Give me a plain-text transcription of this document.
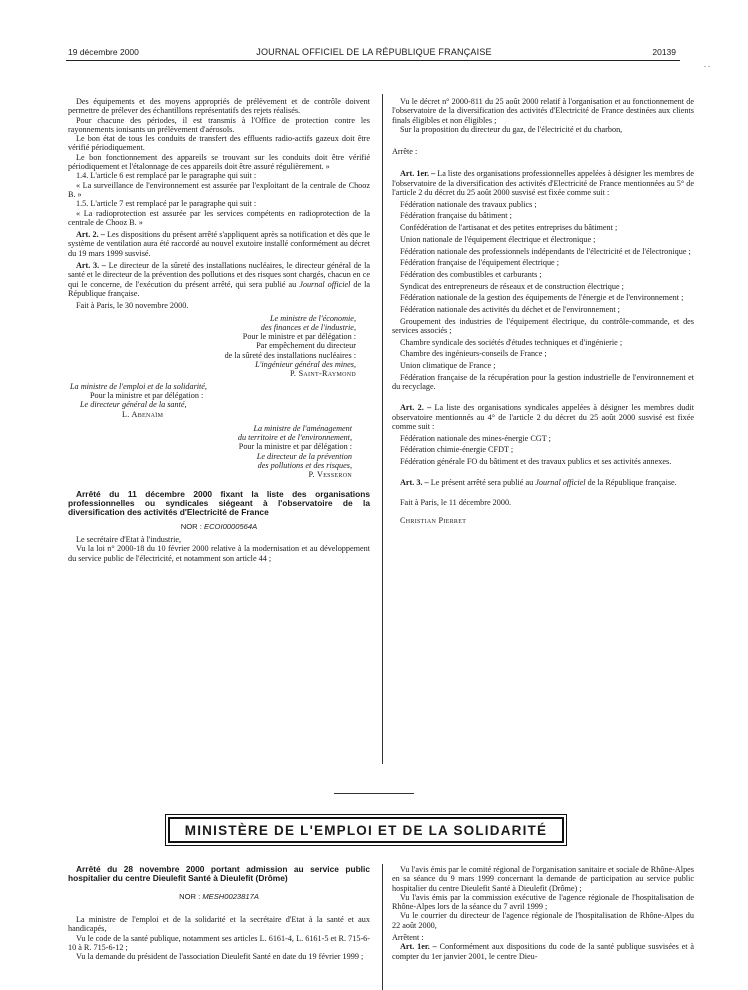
19 décembre 2000	JOURNAL OFFICIEL DE LA RÉPUBLIQUE FRANÇAISE	20139
. .

Des équipements et des moyens appropriés de prélèvement et de contrôle doivent permettre de prélever des échantillons représentatifs des rejets réalisés.

Pour chacune des périodes, il est transmis à l'Office de protection contre les rayonnements ionisants un prélèvement d'aérosols.

Le bon état de tous les conduits de transfert des effluents radio-actifs gazeux doit être vérifié périodiquement.

Le bon fonctionnement des appareils se trouvant sur les conduits doit être vérifié périodiquement et l'étalonnage de ces appareils doit être assuré régulièrement. »

1.4. L'article 6 est remplacé par le paragraphe qui suit :

« La surveillance de l'environnement est assurée par l'exploitant de la centrale de Chooz B. »

1.5. L'article 7 est remplacé par le paragraphe qui suit :

« La radioprotection est assurée par les services compétents en radioprotection de la centrale de Chooz B. »

Art. 2. – Les dispositions du présent arrêté s'appliquent après sa notification et dès que le système de ventilation aura été raccordé au nouvel exutoire installé conformément au décret du 19 mars 1999 susvisé.

Art. 3. – Le directeur de la sûreté des installations nucléaires, le directeur général de la santé et le directeur de la prévention des pollutions et des risques sont chargés, chacun en ce qui le concerne, de l'exécution du présent arrêté, qui sera publié au Journal officiel de la République française.

Fait à Paris, le 30 novembre 2000.

Le ministre de l'économie,
des finances et de l'industrie,
Pour le ministre et par délégation :
Par empêchement du directeur
de la sûreté des installations nucléaires :
L'ingénieur général des mines,
P. Saint-Raymond
La ministre de l'emploi et de la solidarité,
Pour la ministre et par délégation :
Le directeur général de la santé,
L. Abenaïm
La ministre de l'aménagement
du territoire et de l'environnement,
Pour la ministre et par délégation :
Le directeur de la prévention
des pollutions et des risques,
P. Vesseron

Arrêté du 11 décembre 2000 fixant la liste des organisations professionnelles ou syndicales siégeant à l'observatoire de la diversification des activités d'Electricité de France

NOR : ECOI0000564A

Le secrétaire d'Etat à l'industrie,

Vu la loi n° 2000-18 du 10 février 2000 relative à la modernisation et au développement du service public de l'électricité, et notamment son article 44 ;

Vu le décret n° 2000-811 du 25 août 2000 relatif à l'organisation et au fonctionnement de l'observatoire de la diversification des activités d'Electricité de France destinées aux clients finals éligibles et non éligibles ;

Sur la proposition du directeur du gaz, de l'électricité et du charbon,

Arrête :

Art. 1er. – La liste des organisations professionnelles appelées à désigner les membres de l'observatoire de la diversification des activités d'Electricité de France mentionnées au 5° de l'article 2 du décret du 25 août 2000 susvisé est fixée comme suit :

Fédération nationale des travaux publics ;

Fédération française du bâtiment ;

Confédération de l'artisanat et des petites entreprises du bâtiment ;

Union nationale de l'équipement électrique et électronique ;

Fédération nationale des professionnels indépendants de l'électricité et de l'électronique ;

Fédération française de l'équipement électrique ;

Fédération des combustibles et carburants ;

Syndicat des entrepreneurs de réseaux et de construction électrique ;

Fédération nationale de la gestion des équipements de l'énergie et de l'environnement ;

Fédération nationale des activités du déchet et de l'environnement ;

Groupement des industries de l'équipement électrique, du contrôle-commande, et des services associés ;

Chambre syndicale des sociétés d'études techniques et d'ingénierie ;

Chambre des ingénieurs-conseils de France ;

Union climatique de France ;

Fédération française de la récupération pour la gestion industrielle de l'environnement et du recyclage.

Art. 2. – La liste des organisations syndicales appelées à désigner les membres dudit observatoire mentionnés au 4° de l'article 2 du décret du 25 août 2000 susvisé est fixée comme suit :

Fédération nationale des mines-énergie CGT ;

Fédération chimie-énergie CFDT ;

Fédération générale FO du bâtiment et des travaux publics et ses activités annexes.

Art. 3. – Le présent arrêté sera publié au Journal officiel de la République française.

Fait à Paris, le 11 décembre 2000.

Christian Pierret

MINISTÈRE DE L'EMPLOI ET DE LA SOLIDARITÉ

Arrêté du 28 novembre 2000 portant admission au service public hospitalier du centre Dieulefit Santé à Dieulefit (Drôme)

NOR : MESH0023817A

La ministre de l'emploi et de la solidarité et la secrétaire d'Etat à la santé et aux handicapés,

Vu le code de la santé publique, notamment ses articles L. 6161-4, L. 6161-5 et R. 715-6-10 à R. 715-6-12 ;

Vu la demande du président de l'association Dieulefit Santé en date du 19 février 1999 ;

Vu l'avis émis par le comité régional de l'organisation sanitaire et sociale de Rhône-Alpes en sa séance du 9 mars 1999 concernant la demande de participation au service public hospitalier du centre Dieulefit Santé à Dieulefit (Drôme) ;

Vu l'avis émis par la commission exécutive de l'agence régionale de l'hospitalisation de Rhône-Alpes lors de la séance du 7 avril 1999 ;

Vu le courrier du directeur de l'agence régionale de l'hospitalisation de Rhône-Alpes du 22 août 2000,

Arrêtent :

Art. 1er. – Conformément aux dispositions du code de la santé publique susvisées et à compter du 1er janvier 2001, le centre Dieu-
